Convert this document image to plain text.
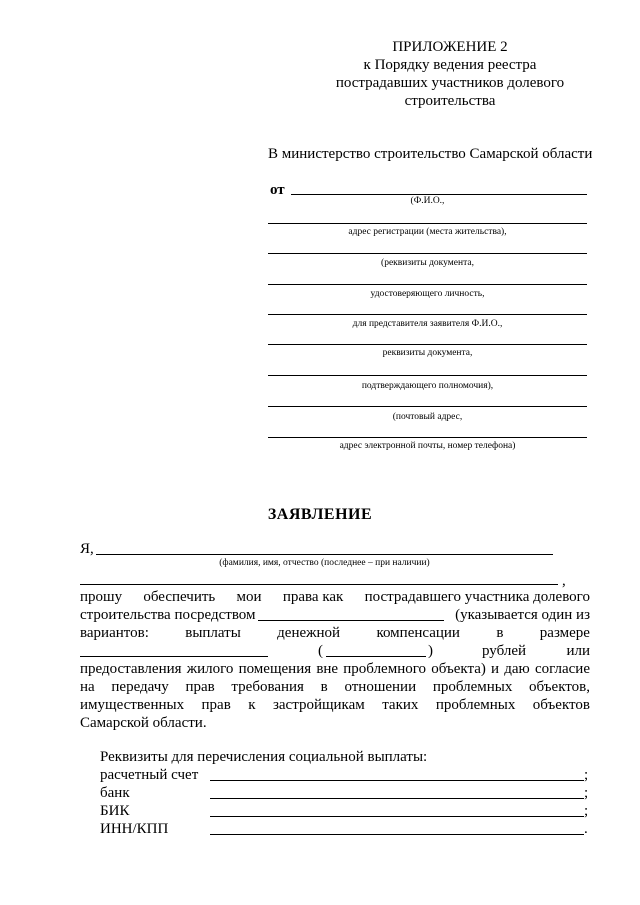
ПРИЛОЖЕНИЕ 2
к Порядку ведения реестра
пострадавших участников долевого
строительства
В министерство строительство Самарской области
от
(Ф.И.О.,
адрес регистрации (места жительства),
(реквизиты документа,
удостоверяющего личность,
для представителя заявителя Ф.И.О.,
реквизиты документа,
подтверждающего полномочия),
(почтовый адрес,
адрес электронной почты, номер телефона)
ЗАЯВЛЕНИЕ
Я,
(фамилия, имя, отчество (последнее – при наличии)
,
прошу обеспечить мои права как пострадавшего участника долевого
строительства посредством	(указывается один из
вариантов: выплаты денежной компенсации в размере
(	)	рублей	или
предоставления жилого помещения вне проблемного объекта) и даю согласие
на передачу прав требования в отношении проблемных объектов,
имущественных прав к застройщикам таких проблемных объектов
Самарской области.
Реквизиты для перечисления социальной выплаты:
расчетный счет	;
банк	;
БИК	;
ИНН/КПП	.
